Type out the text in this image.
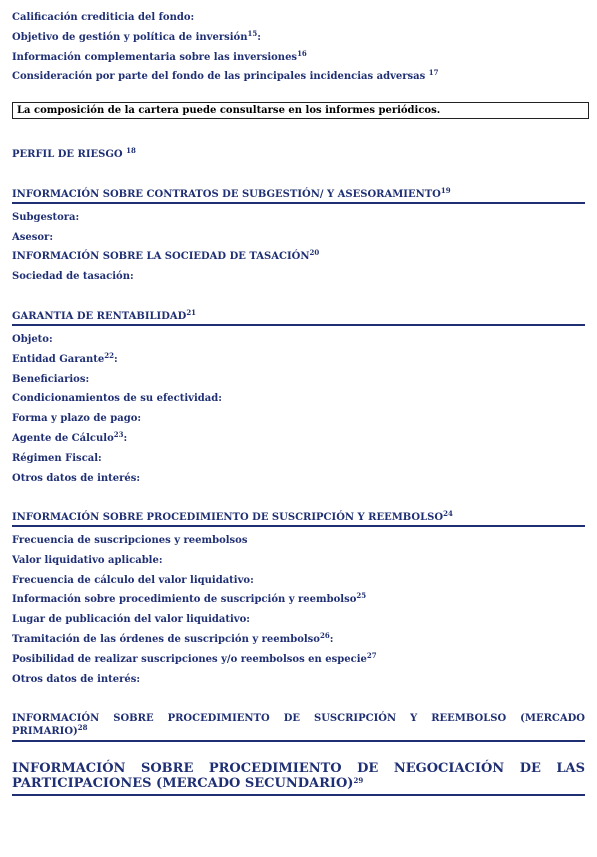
Calificación crediticia del fondo:
Objetivo de gestión y política de inversión$^{15}$:
Información complementaria sobre las inversiones$^{16}$
Consideración por parte del fondo de las principales incidencias adversas $^{17}$
La composición de la cartera puede consultarse en los informes periódicos.
PERFIL DE RIESGO $^{18}$
INFORMACIÓN SOBRE CONTRATOS DE SUBGESTIÓN/ Y ASESORAMIENTO$^{19}$
Subgestora:
Asesor:
INFORMACIÓN SOBRE LA SOCIEDAD DE TASACIÓN$^{20}$
Sociedad de tasación:
GARANTIA DE RENTABILIDAD$^{21}$
Objeto:
Entidad Garante$^{22}$:
Beneficiarios:
Condicionamientos de su efectividad:
Forma y plazo de pago:
Agente de Cálculo$^{23}$:
Régimen Fiscal:
Otros datos de interés:
INFORMACIÓN SOBRE PROCEDIMIENTO DE SUSCRIPCIÓN Y REEMBOLSO$^{24}$
Frecuencia de suscripciones y reembolsos
Valor liquidativo aplicable:
Frecuencia de cálculo del valor liquidativo:
Información sobre procedimiento de suscripción y reembolso$^{25}$
Lugar de publicación del valor liquidativo:
Tramitación de las órdenes de suscripción y reembolso$^{26}$:
Posibilidad de realizar suscripciones y/o reembolsos en especie$^{27}$
Otros datos de interés:
INFORMACIÓN SOBRE PROCEDIMIENTO DE SUSCRIPCIÓN Y REEMBOLSO (MERCADO
PRIMARIO)$^{28}$
INFORMACIÓN SOBRE PROCEDIMIENTO DE NEGOCIACIÓN DE LAS
PARTICIPACIONES (MERCADO SECUNDARIO)$^{29}$
